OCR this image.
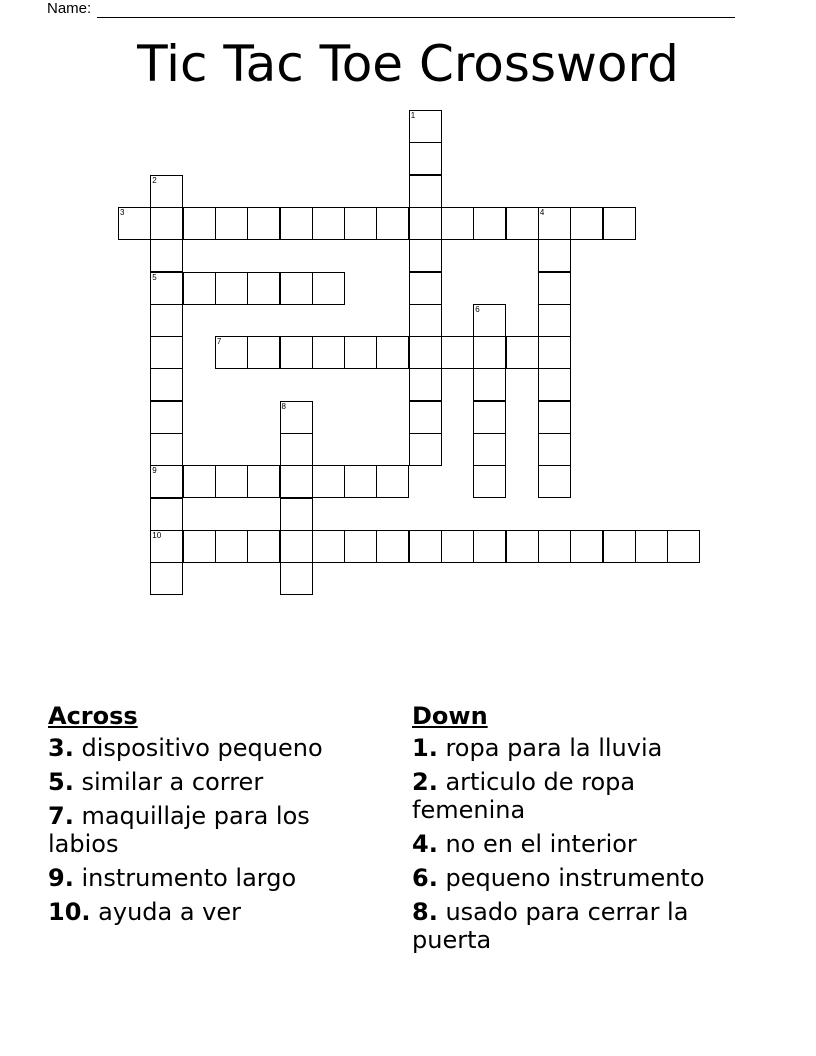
Name:
Tic Tac Toe Crossword
1
2
5
9
10
3	4
6
7
8
Across
3. dispositivo pequeno
5. similar a correr
7. maquillaje para los labios
9. instrumento largo
10. ayuda a ver
Down
1. ropa para la lluvia
2. articulo de ropa femenina
4. no en el interior
6. pequeno instrumento
8. usado para cerrar la puerta
